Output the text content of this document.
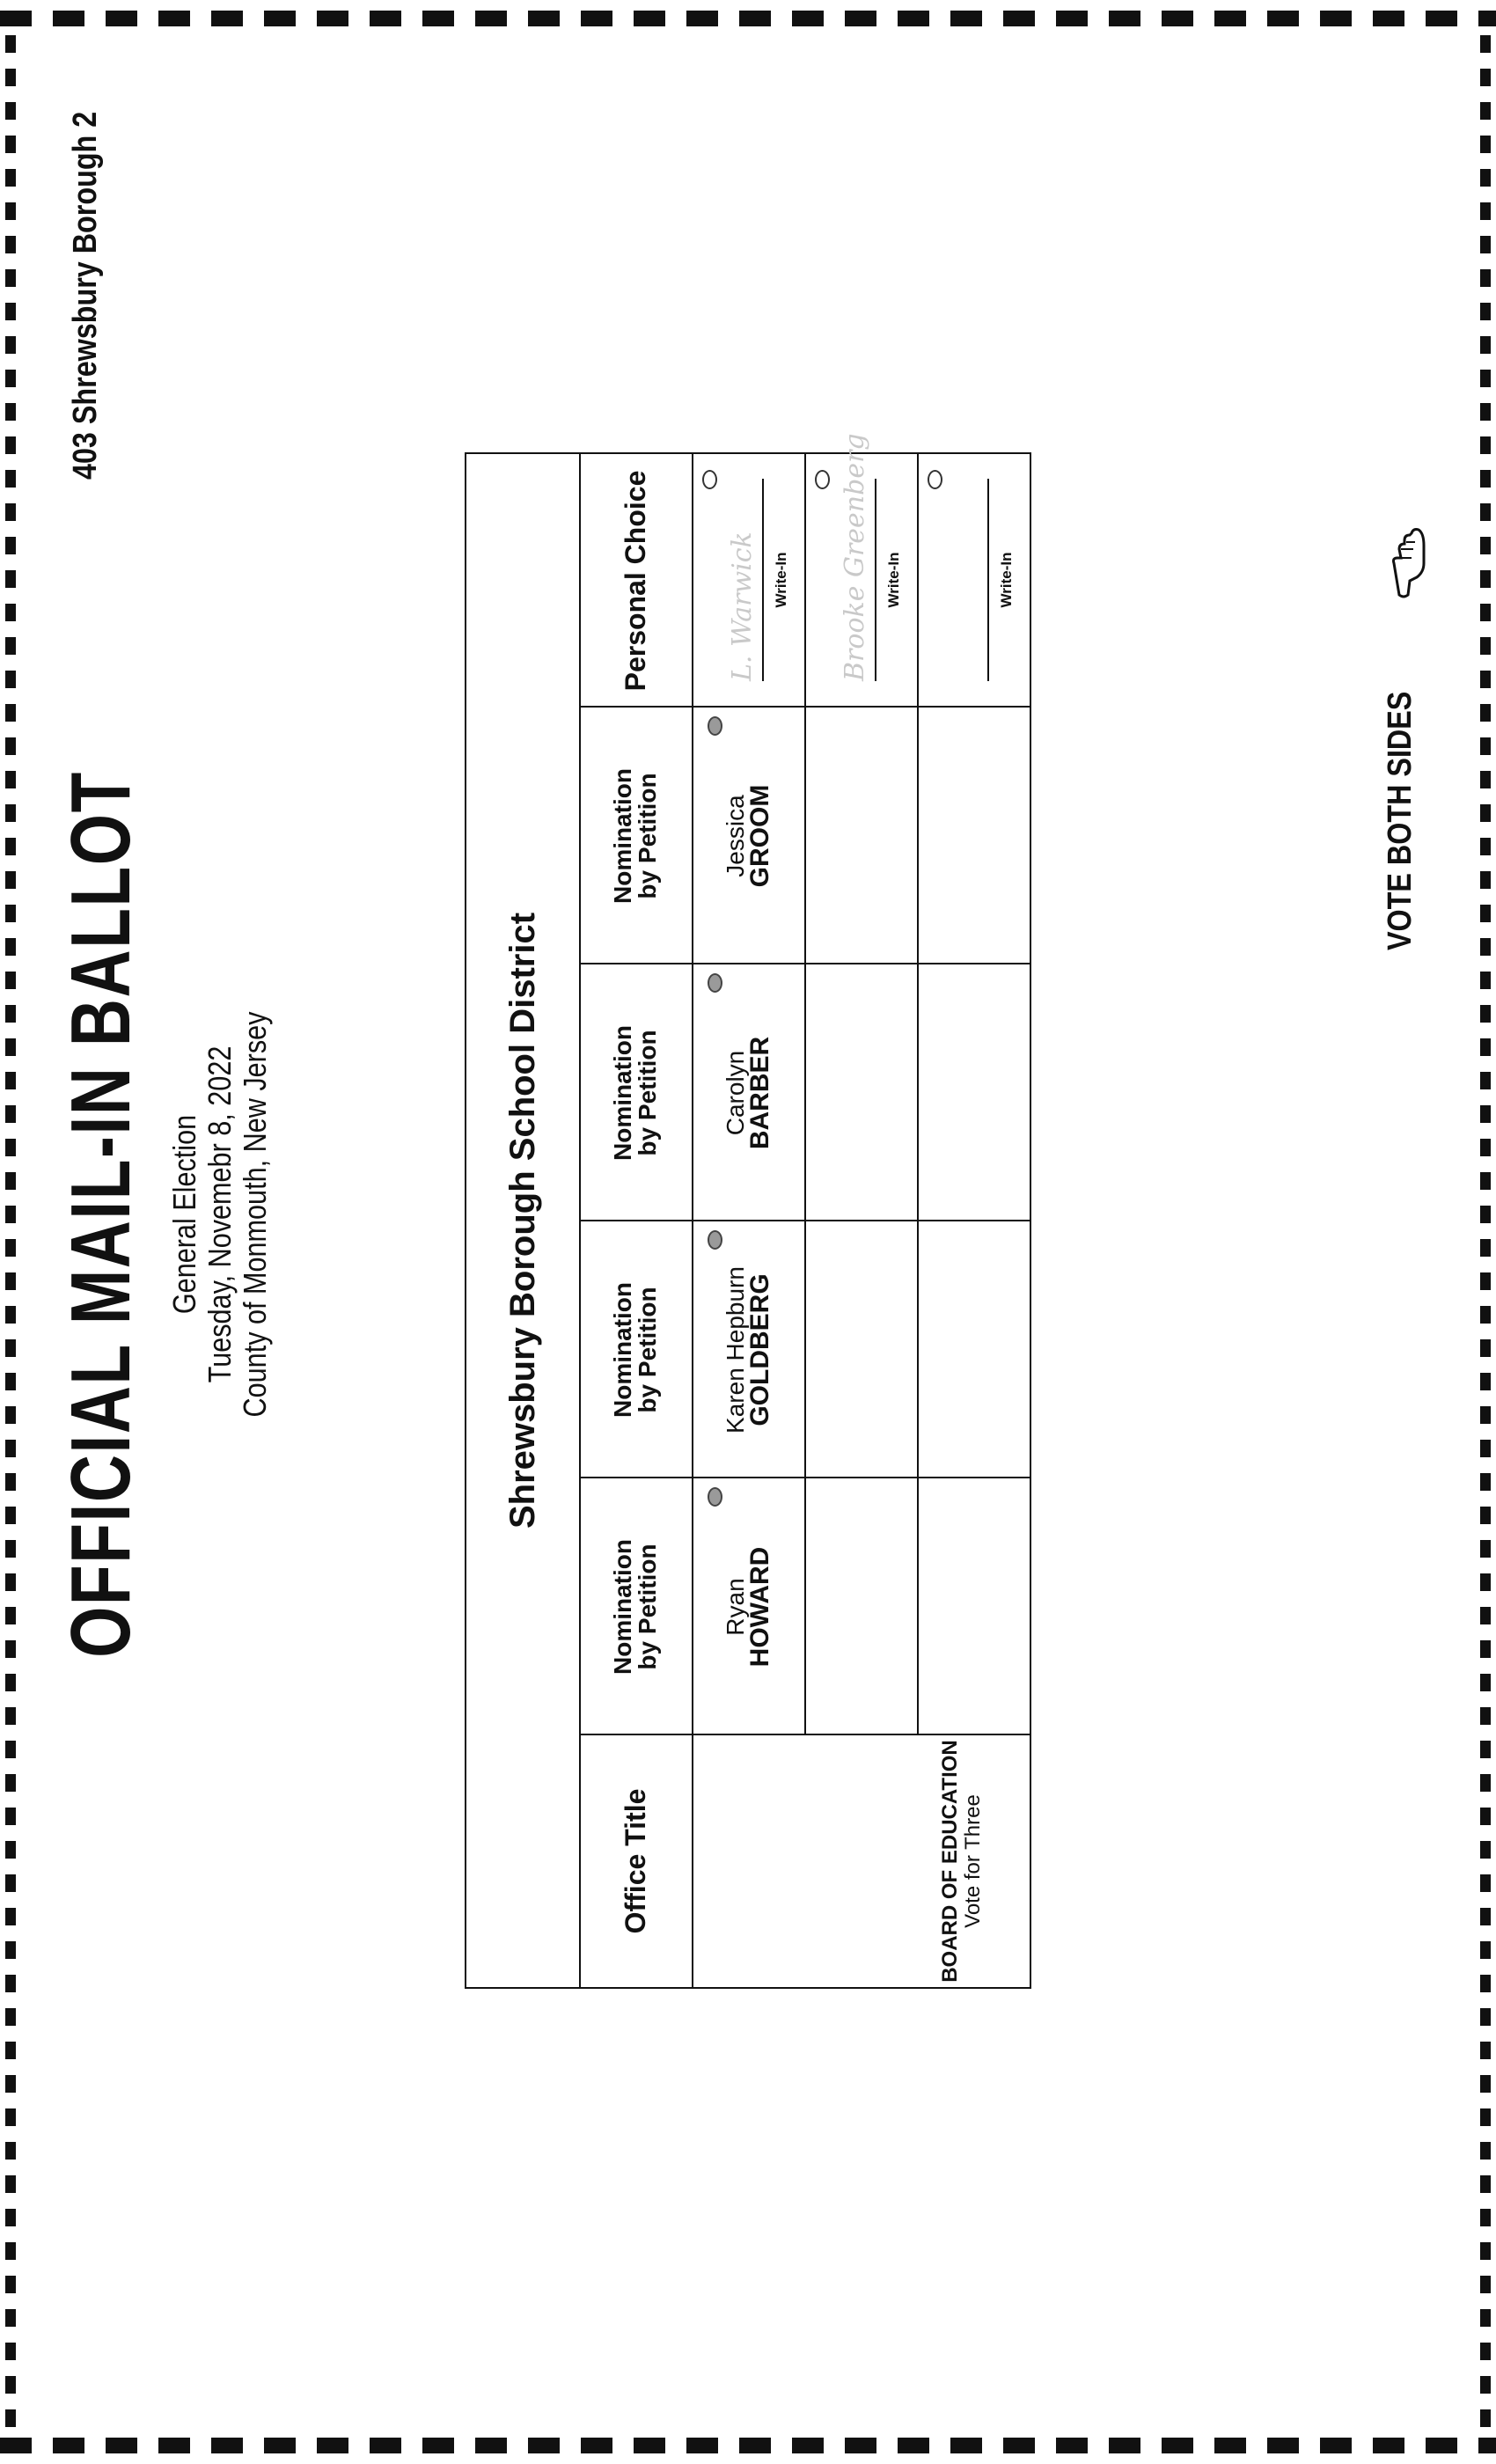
OFFICIAL MAIL-IN BALLOT General Election Tuesday, Novemebr 8, 2022 County of Monmouth, New Jersey
403 Shrewsbury Borough 2
Shrewsbury Borough School District
Office Title
Nomination by Petition
Nomination by Petition
Nomination by Petition
Nomination by Petition
Personal Choice
BOARD OF EDUCATION Vote for Three
Ryan
HOWARD
Karen Hepburn
GOLDBERG
Carolyn
BARBER
Jessica
GROOM
L. Warwick Write-In Brooke Greenberg Write-In	Write-In
VOTE BOTH SIDES
